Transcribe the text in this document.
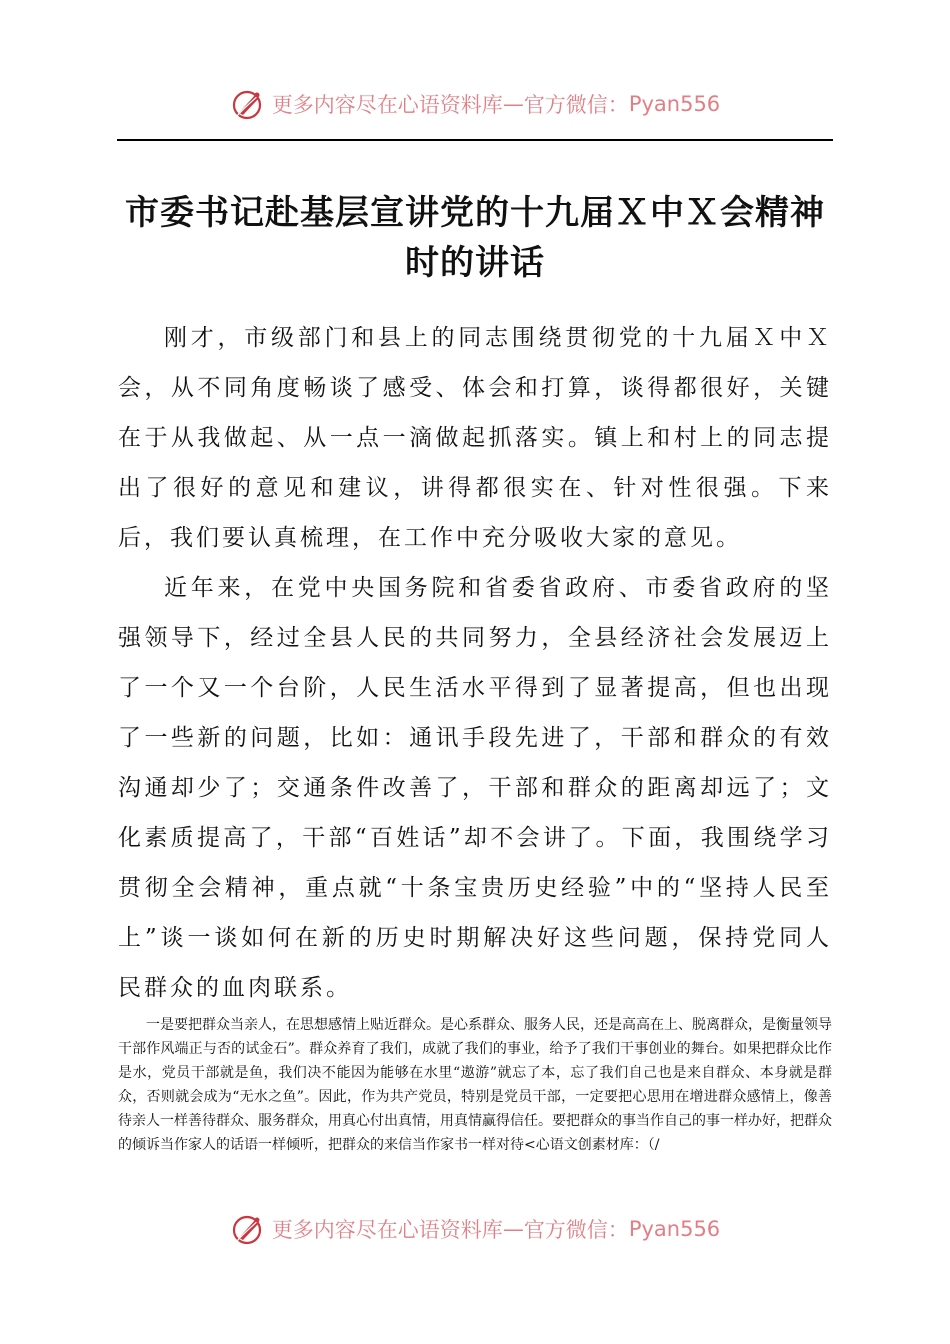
更多内容尽在心语资料库 — 官方微信： Pyan556
市委书记赴基层宣讲党的十九届Ｘ中Ｘ会精神
时的讲话

刚才，市级部门和县上的同志围绕贯彻党的十九届Ｘ中Ｘ会，从不同角度畅谈了感受、体会和打算，谈得都很好，关键在于从我做起、从一点一滴做起抓落实。镇上和村上的同志提出了很好的意见和建议，讲得都很实在、针对性很强。下来后，我们要认真梳理，在工作中充分吸收大家的意见。

近年来，在党中央国务院和省委省政府、市委省政府的坚强领导下，经过全县人民的共同努力，全县经济社会发展迈上了一个又一个台阶，人民生活水平得到了显著提高，但也出现了一些新的问题，比如：通讯手段先进了，干部和群众的有效沟通却少了；交通条件改善了，干部和群众的距离却远了；文化素质提高了，干部“百姓话”却不会讲了。下面，我围绕学习贯彻全会精神，重点就“十条宝贵历史经验”中的“坚持人民至上”谈一谈如何在新的历史时期解决好这些问题，保持党同人民群众的血肉联系。

一是要把群众当亲人，在思想感情上贴近群众。是心系群众、服务人民，还是高高在上、脱离群众，是衡量领导干部作风端正与否的试金石”。群众养育了我们，成就了我们的事业，给予了我们干事创业的舞台。如果把群众比作是水，党员干部就是鱼，我们决不能因为能够在水里“遨游”就忘了本，忘了我们自己也是来自群众、本身就是群众，否则就会成为“无水之鱼”。因此，作为共产党员，特别是党员干部，一定要把心思用在增进群众感情上，像善待亲人一样善待群众、服务群众，用真心付出真情，用真情赢得信任。要把群众的事当作自己的事一样办好，把群众的倾诉当作家人的话语一样倾听，把群众的来信当作家书一样对待<心语文创素材库：（/

更多内容尽在心语资料库 — 官方微信： Pyan556
